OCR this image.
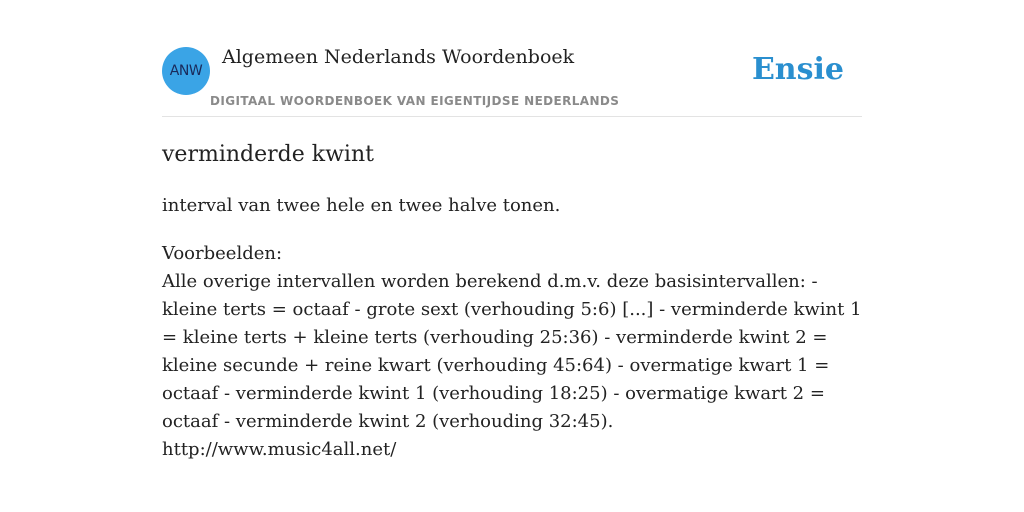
ANW
Algemeen Nederlands Woordenboek
DIGITAAL WOORDENBOEK VAN EIGENTIJDSE NEDERLANDS
Ensie
verminderde kwint
interval van twee hele en twee halve tonen.
Voorbeelden:
Alle overige intervallen worden berekend d.m.v. deze basisintervallen: - kleine terts = octaaf - grote sext (verhouding 5:6) [...] - verminderde kwint 1 = kleine terts + kleine terts (verhouding 25:36) - verminderde kwint 2 = kleine secunde + reine kwart (verhouding 45:64) - overmatige kwart 1 = octaaf - verminderde kwint 1 (verhouding 18:25) - overmatige kwart 2 = octaaf - verminderde kwint 2 (verhouding 32:45).
http://www.music4all.net/
